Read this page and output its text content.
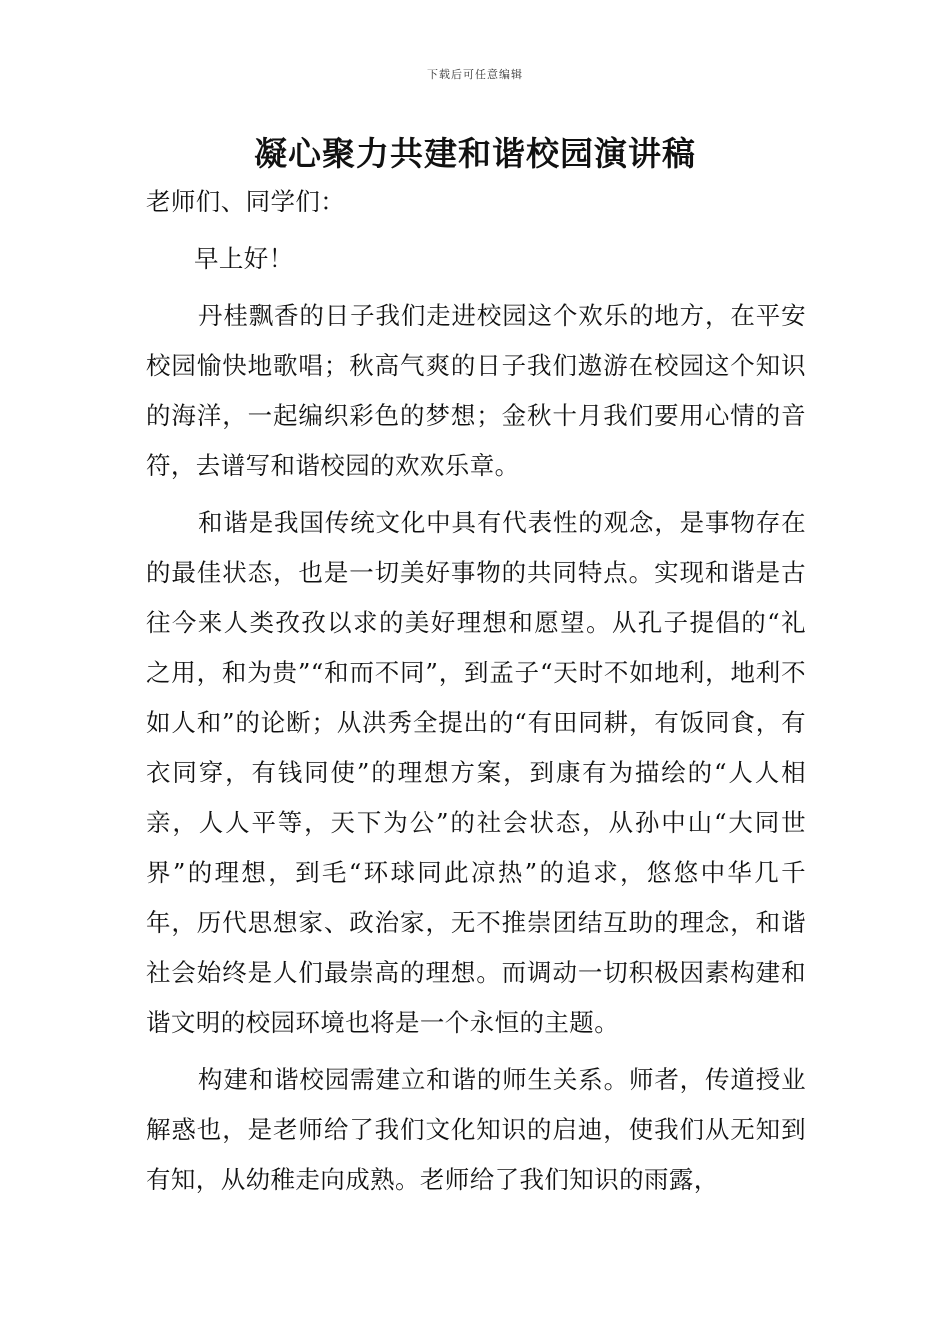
下载后可任意编辑
凝心聚力共建和谐校园演讲稿

老师们、同学们：

早上好！

丹桂飘香的日子我们走进校园这个欢乐的地方，在平安校园愉快地歌唱；秋高气爽的日子我们遨游在校园这个知识的海洋，一起编织彩色的梦想；金秋十月我们要用心情的音符，去谱写和谐校园的欢欢乐章。

和谐是我国传统文化中具有代表性的观念，是事物存在的最佳状态，也是一切美好事物的共同特点。实现和谐是古往今来人类孜孜以求的美好理想和愿望。从孔子提倡的“礼之用，和为贵”“和而不同”，到孟子“天时不如地利，地利不如人和”的论断；从洪秀全提出的“有田同耕，有饭同食，有衣同穿，有钱同使”的理想方案，到康有为描绘的“人人相亲，人人平等，天下为公”的社会状态，从孙中山“大同世界”的理想，到毛“环球同此凉热”的追求，悠悠中华几千年，历代思想家、政治家，无不推崇团结互助的理念，和谐社会始终是人们最崇高的理想。而调动一切积极因素构建和谐文明的校园环境也将是一个永恒的主题。

构建和谐校园需建立和谐的师生关系。师者，传道授业解惑也，是老师给了我们文化知识的启迪，使我们从无知到有知，从幼稚走向成熟。老师给了我们知识的雨露，
